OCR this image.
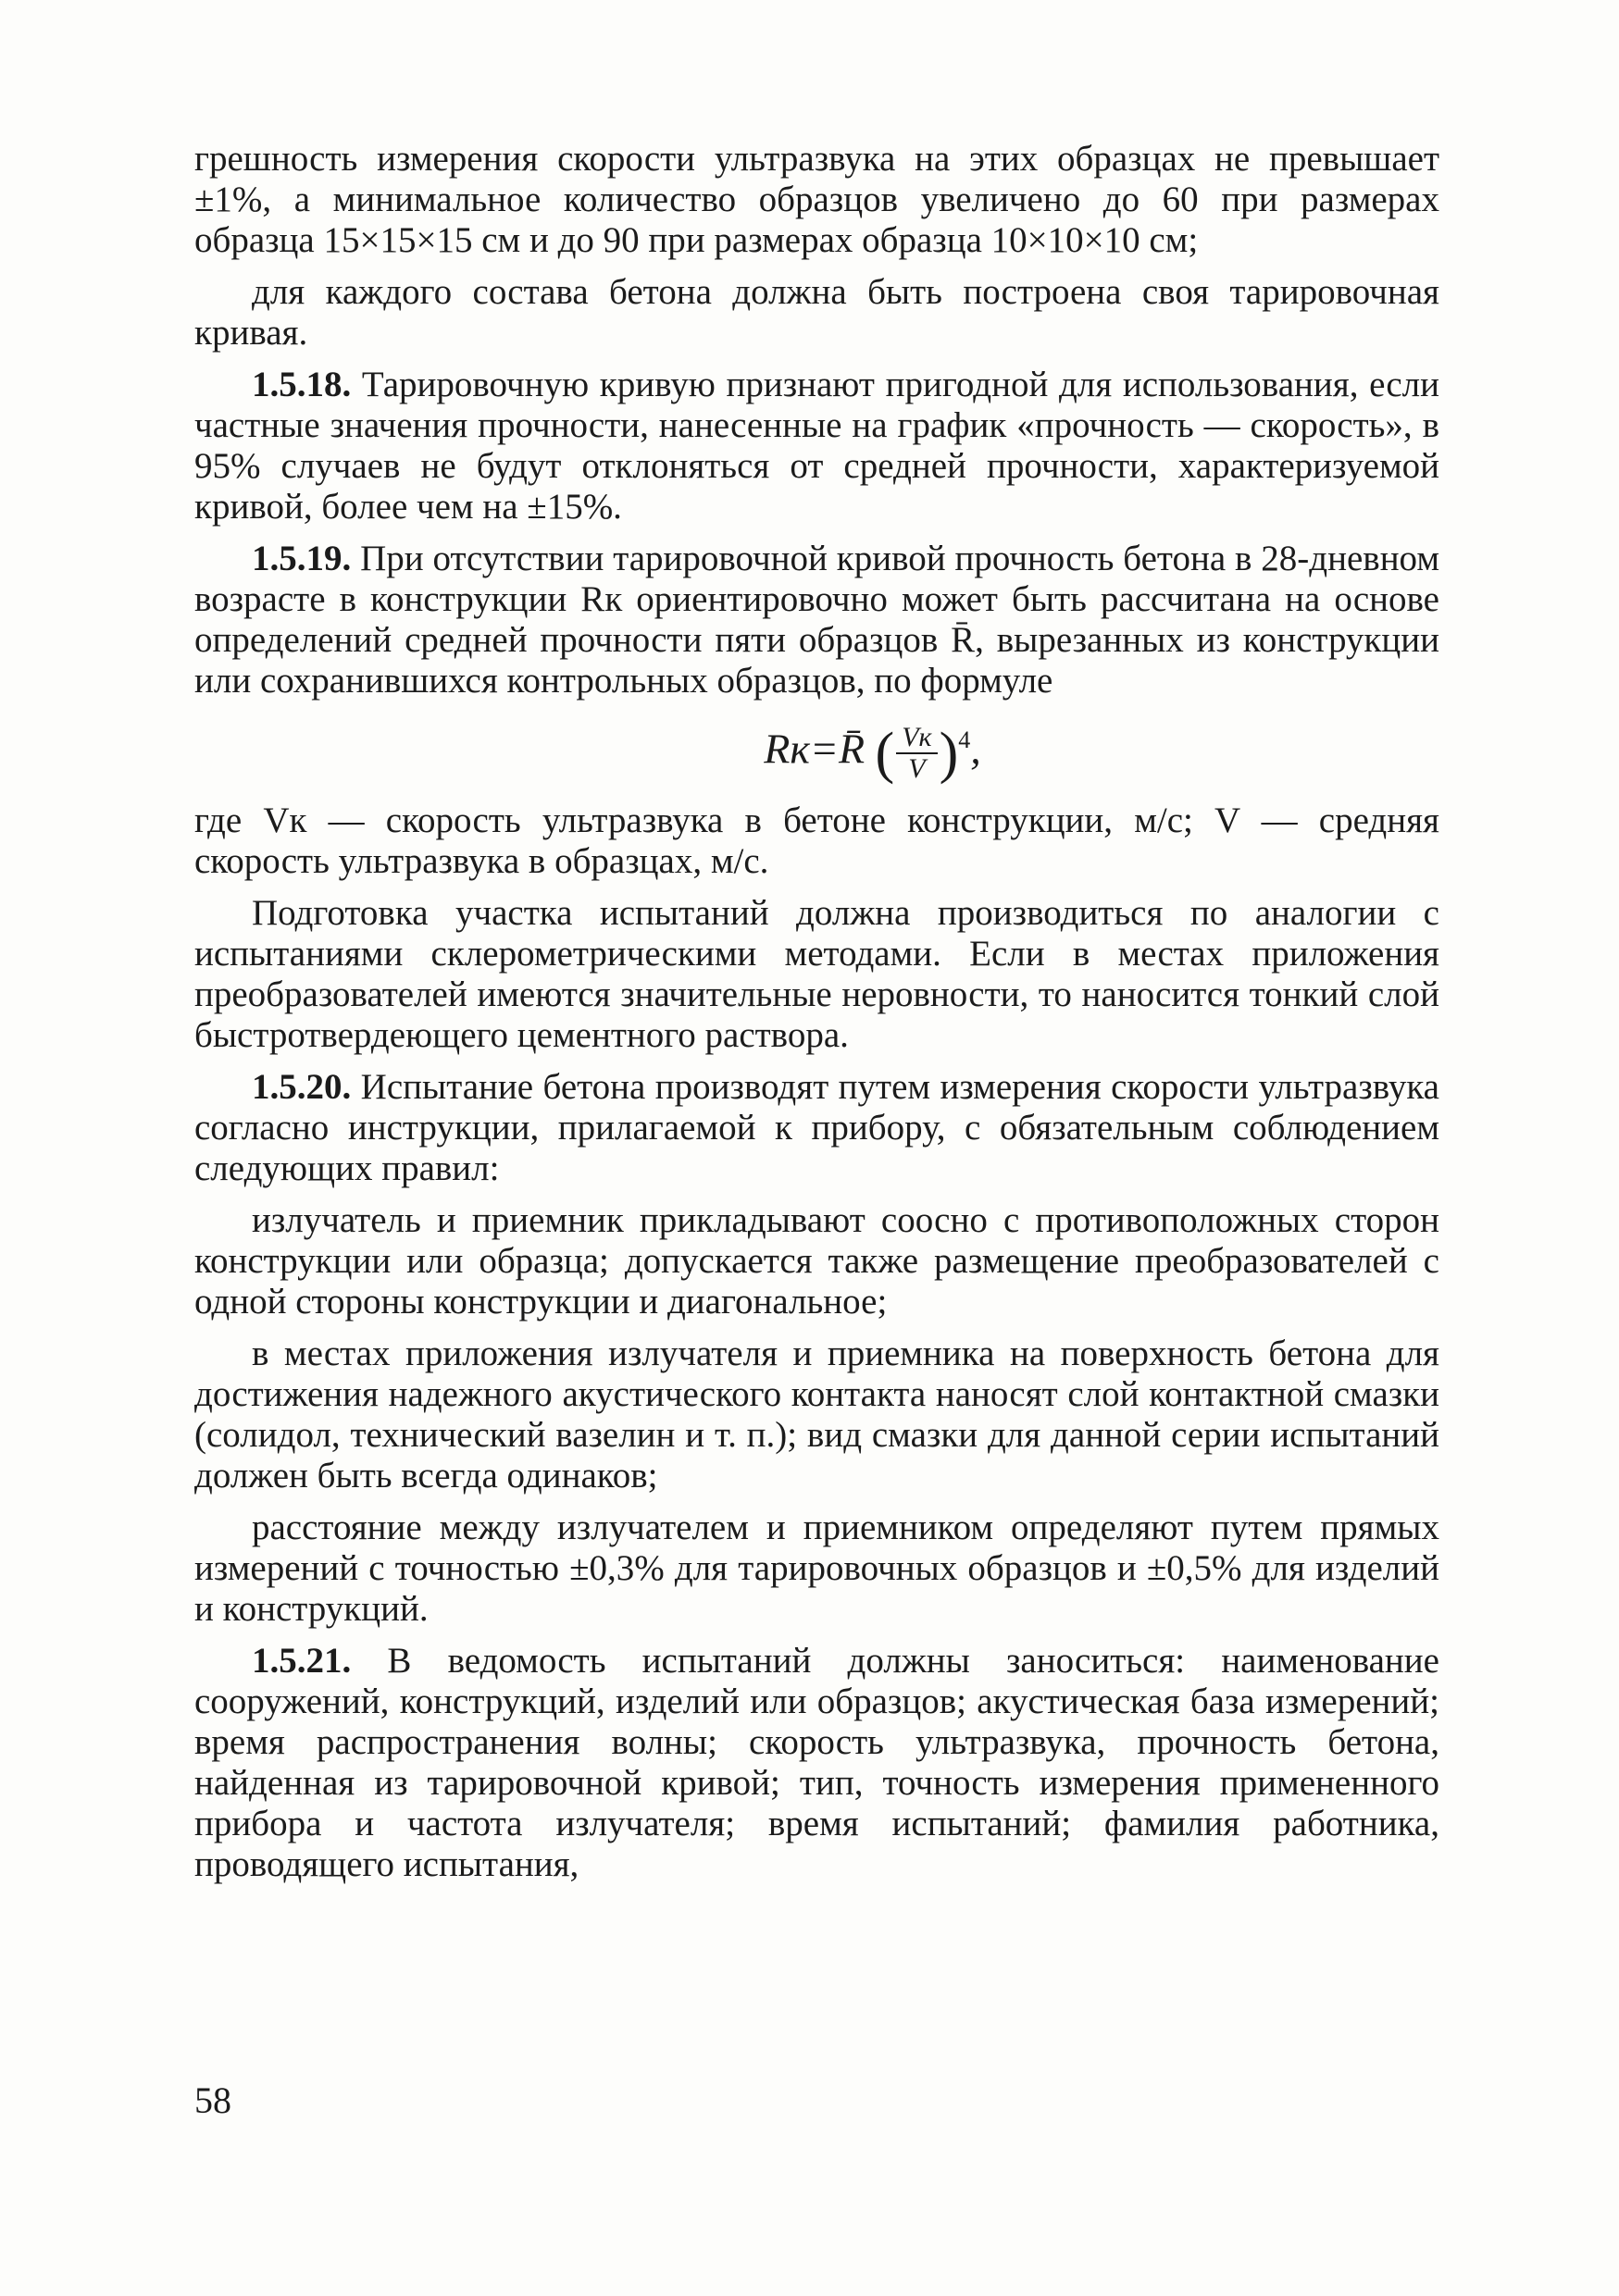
грешность измерения скорости ультразвука на этих образцах не превышает ±1%, а минимальное количество образцов увеличено до 60 при размерах образца 15×15×15 см и до 90 при размерах образца 10×10×10 см;

для каждого состава бетона должна быть построена своя тарировочная кривая.

1.5.18. Тарировочную кривую признают пригодной для использования, если частные значения прочности, нанесенные на график «прочность — скорость», в 95% случаев не будут отклоняться от средней прочности, характеризуемой кривой, более чем на ±15%.

1.5.19. При отсутствии тарировочной кривой прочность бетона в 28-дневном возрасте в конструкции Rк ориентировочно может быть рассчитана на основе определений средней прочности пяти образцов R̄, вырезанных из конструкции или сохранившихся контрольных образцов, по формуле

Rк=R̄ ( $\frac{Vк}{V} )^4$,

где Vк — скорость ультразвука в бетоне конструкции, м/с; V — средняя скорость ультразвука в образцах, м/с.

Подготовка участка испытаний должна производиться по аналогии с испытаниями склерометрическими методами. Если в местах приложения преобразователей имеются значительные неровности, то наносится тонкий слой быстротвердеющего цементного раствора.

1.5.20. Испытание бетона производят путем измерения скорости ультразвука согласно инструкции, прилагаемой к прибору, с обязательным соблюдением следующих правил:

излучатель и приемник прикладывают соосно с противоположных сторон конструкции или образца; допускается также размещение преобразователей с одной стороны конструкции и диагональное;

в местах приложения излучателя и приемника на поверхность бетона для достижения надежного акустического контакта наносят слой контактной смазки (солидол, технический вазелин и т. п.); вид смазки для данной серии испытаний должен быть всегда одинаков;

расстояние между излучателем и приемником определяют путем прямых измерений с точностью ±0,3% для тарировочных образцов и ±0,5% для изделий и конструкций.

1.5.21. В ведомость испытаний должны заноситься: наименование сооружений, конструкций, изделий или образцов; акустическая база измерений; время распространения волны; скорость ультразвука, прочность бетона, найденная из тарировочной кривой; тип, точность измерения примененного прибора и частота излучателя; время испытаний; фамилия работника, проводящего испытания,

58
